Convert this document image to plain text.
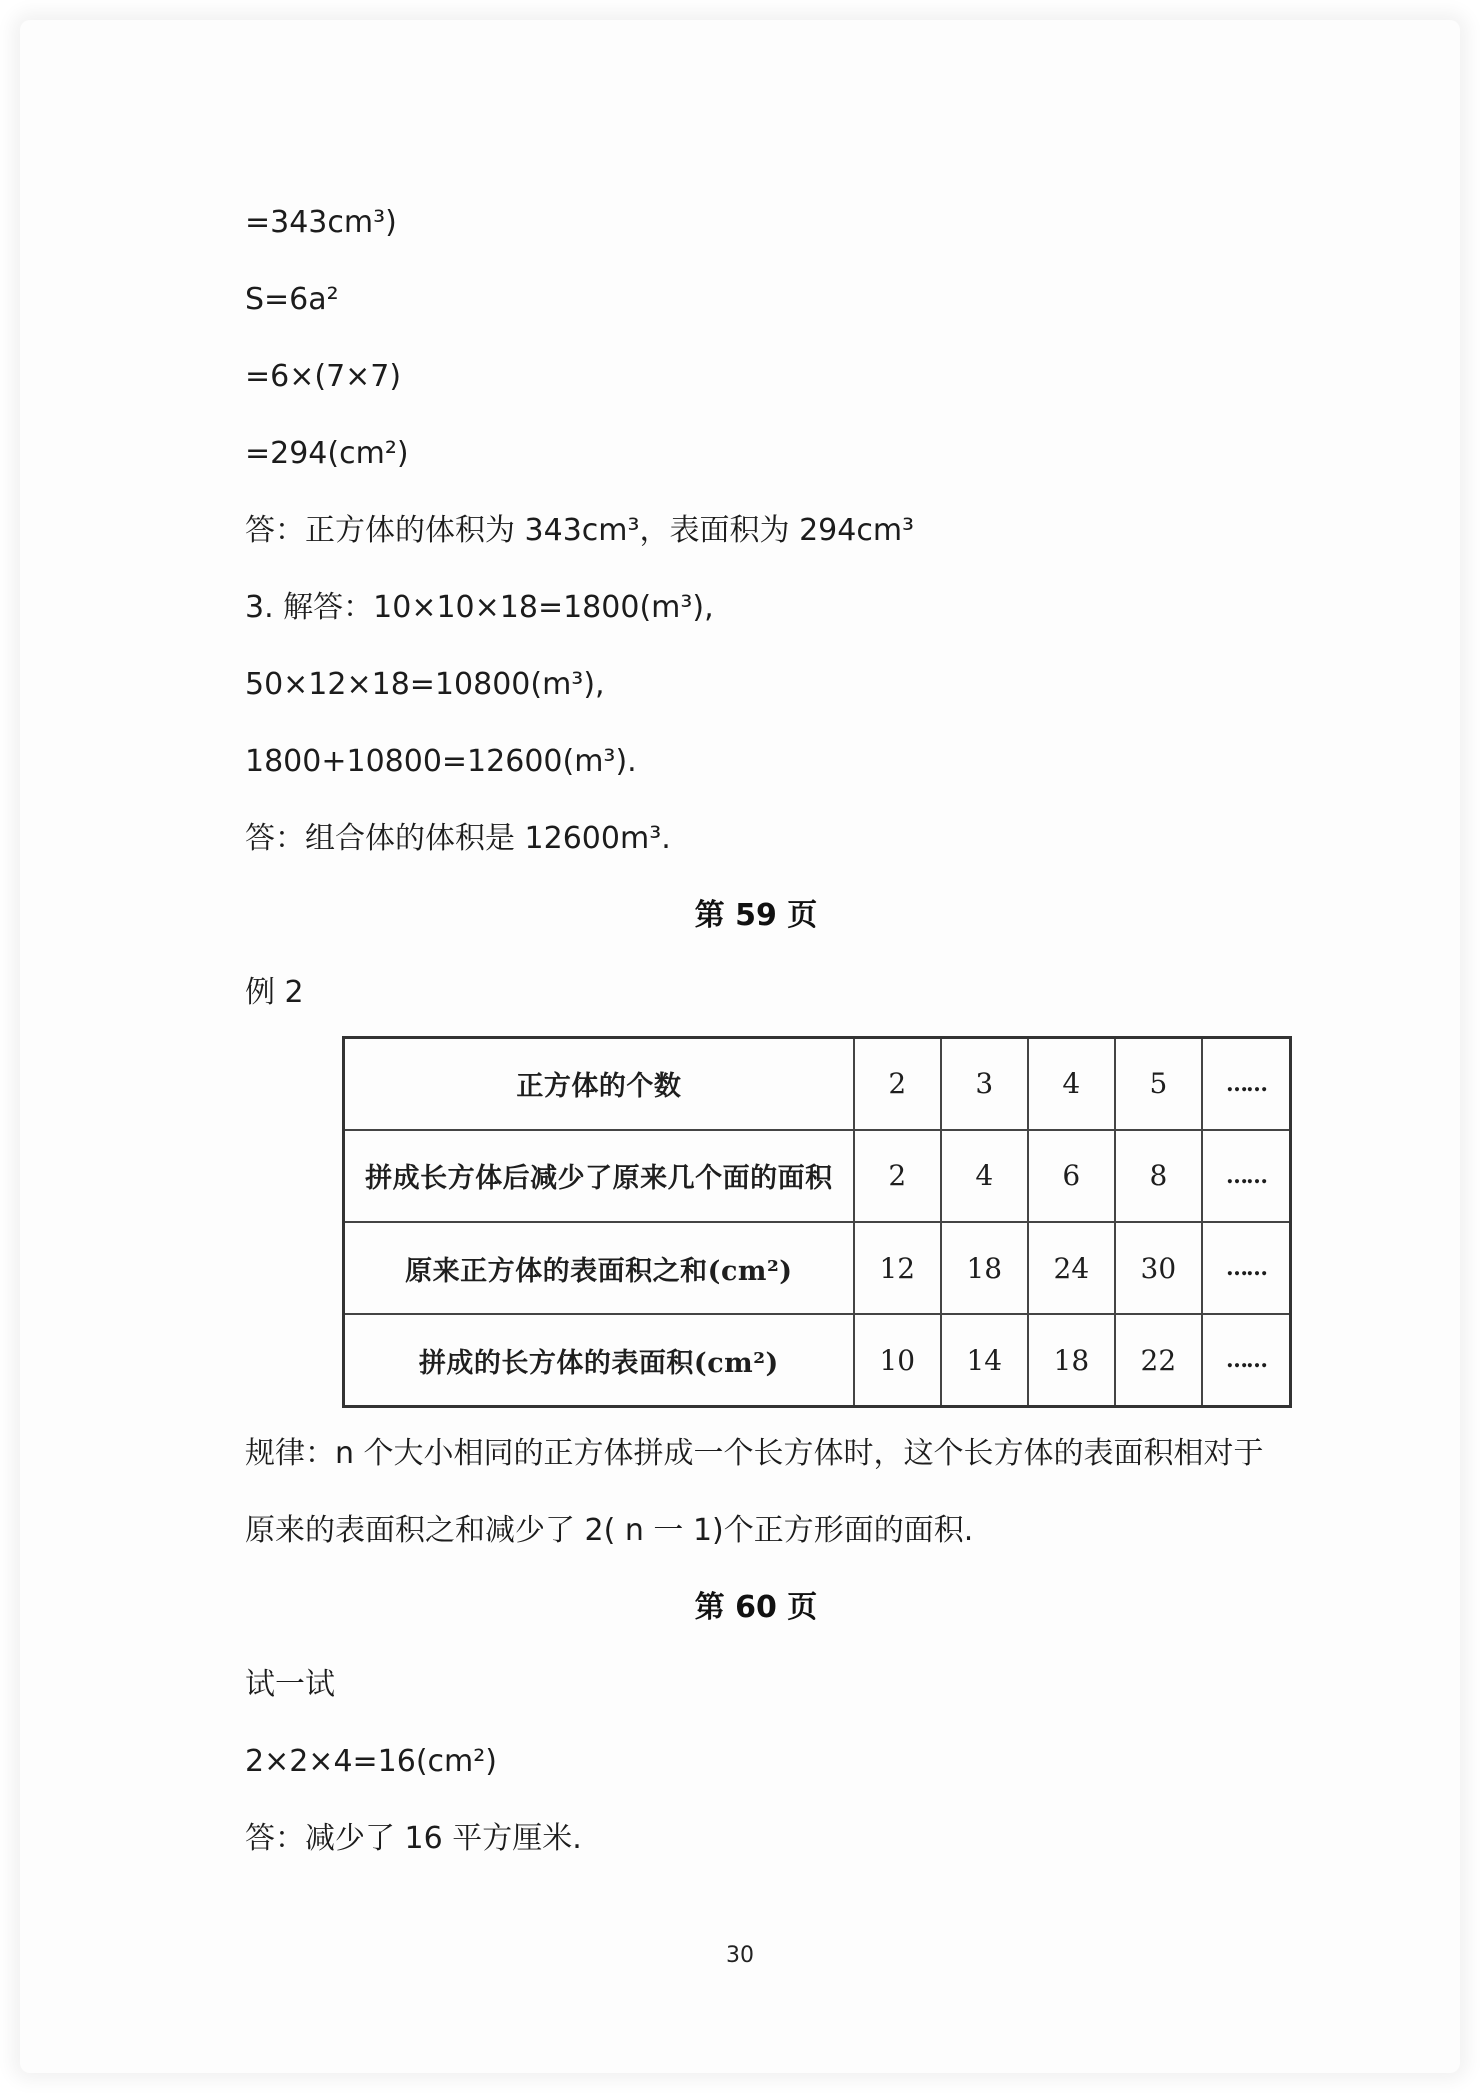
=343cm³)
S=6a²
=6×(7×7)
=294(cm²)
答：正方体的体积为 343cm³，表面积为 294cm³
3. 解答：10×10×18=1800(m³),
50×12×18=10800(m³),
1800+10800=12600(m³).
答：组合体的体积是 12600m³.
第 59 页
例 2
正方体的个数	2	3	4	5	……
拼成长方体后减少了原来几个面的面积	2	4	6	8	……
原来正方体的表面积之和(cm²)	12	18	24	30	……
拼成的长方体的表面积(cm²)	10	14	18	22	……
规律：n 个大小相同的正方体拼成一个长方体时，这个长方体的表面积相对于
原来的表面积之和减少了 2( n 一 1)个正方形面的面积.
第 60 页
试一试
2×2×4=16(cm²)
答：减少了 16 平方厘米.
30
